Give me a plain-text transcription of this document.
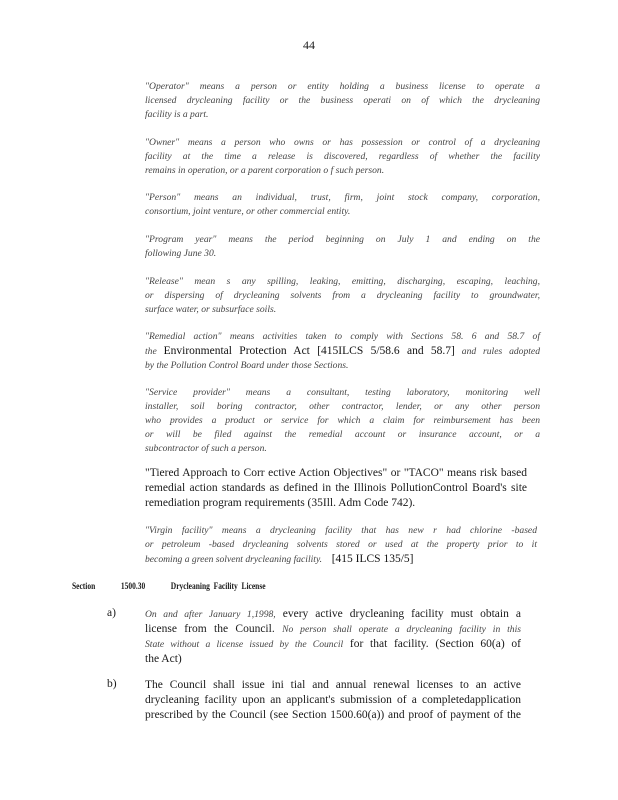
44
"Operator" means a person or entity holding a business license to operate a
licensed drycleaning facility or the business operati on of which the drycleaning
facility is a part.
"Owner" means a person who owns or has possession or control of a drycleaning
facility at the time a release is discovered, regardless of whether the facility
remains in operation, or a parent corporation o f such person.
"Person" means an individual, trust, firm, joint stock company, corporation,
consortium, joint venture, or other commercial entity.
"Program year" means the period beginning on July 1 and ending on the
following June 30.
"Release" mean s any spilling, leaking, emitting, discharging, escaping, leaching,
or dispersing of drycleaning solvents from a drycleaning facility to groundwater,
surface water, or subsurface soils.
"Remedial action" means activities taken to comply with Sections 58. 6 and 58.7 of
the Environmental Protection Act [415ILCS 5/58.6 and 58.7] and rules adopted
by the Pollution Control Board under those Sections.
"Service provider" means a consultant, testing laboratory, monitoring well
installer, soil boring contractor, other contractor, lender, or any other person
who provides a product or service for which a claim for reimbursement has been
or will be filed against the remedial account or insurance account, or a
subcontractor of such a person.
"Tiered Approach to Corr ective Action Objectives" or "TACO" means risk based
remedial action standards as defined in the Illinois PollutionControl Board's site
remediation program requirements (35Ill. Adm Code 742).
"Virgin facility" means a drycleaning facility that has new r had chlorine -based
or petroleum -based drycleaning solvents stored or used at the property prior to it
becoming a green solvent drycleaning facility. [415 ILCS 135/5]
Section	1500.30	Drycleaning  Facility  License
a)	On and after January 1,1998, every active drycleaning facility must obtain a
license from the Council. No person shall operate a drycleaning facility in this
State without a license issued by the Council for that facility. (Section 60(a) of
the Act)
b) The Council shall issue ini tial and annual renewal licenses to an active
drycleaning facility upon an applicant's submission of a completedapplication
prescribed by the Council (see Section 1500.60(a)) and proof of payment of the
